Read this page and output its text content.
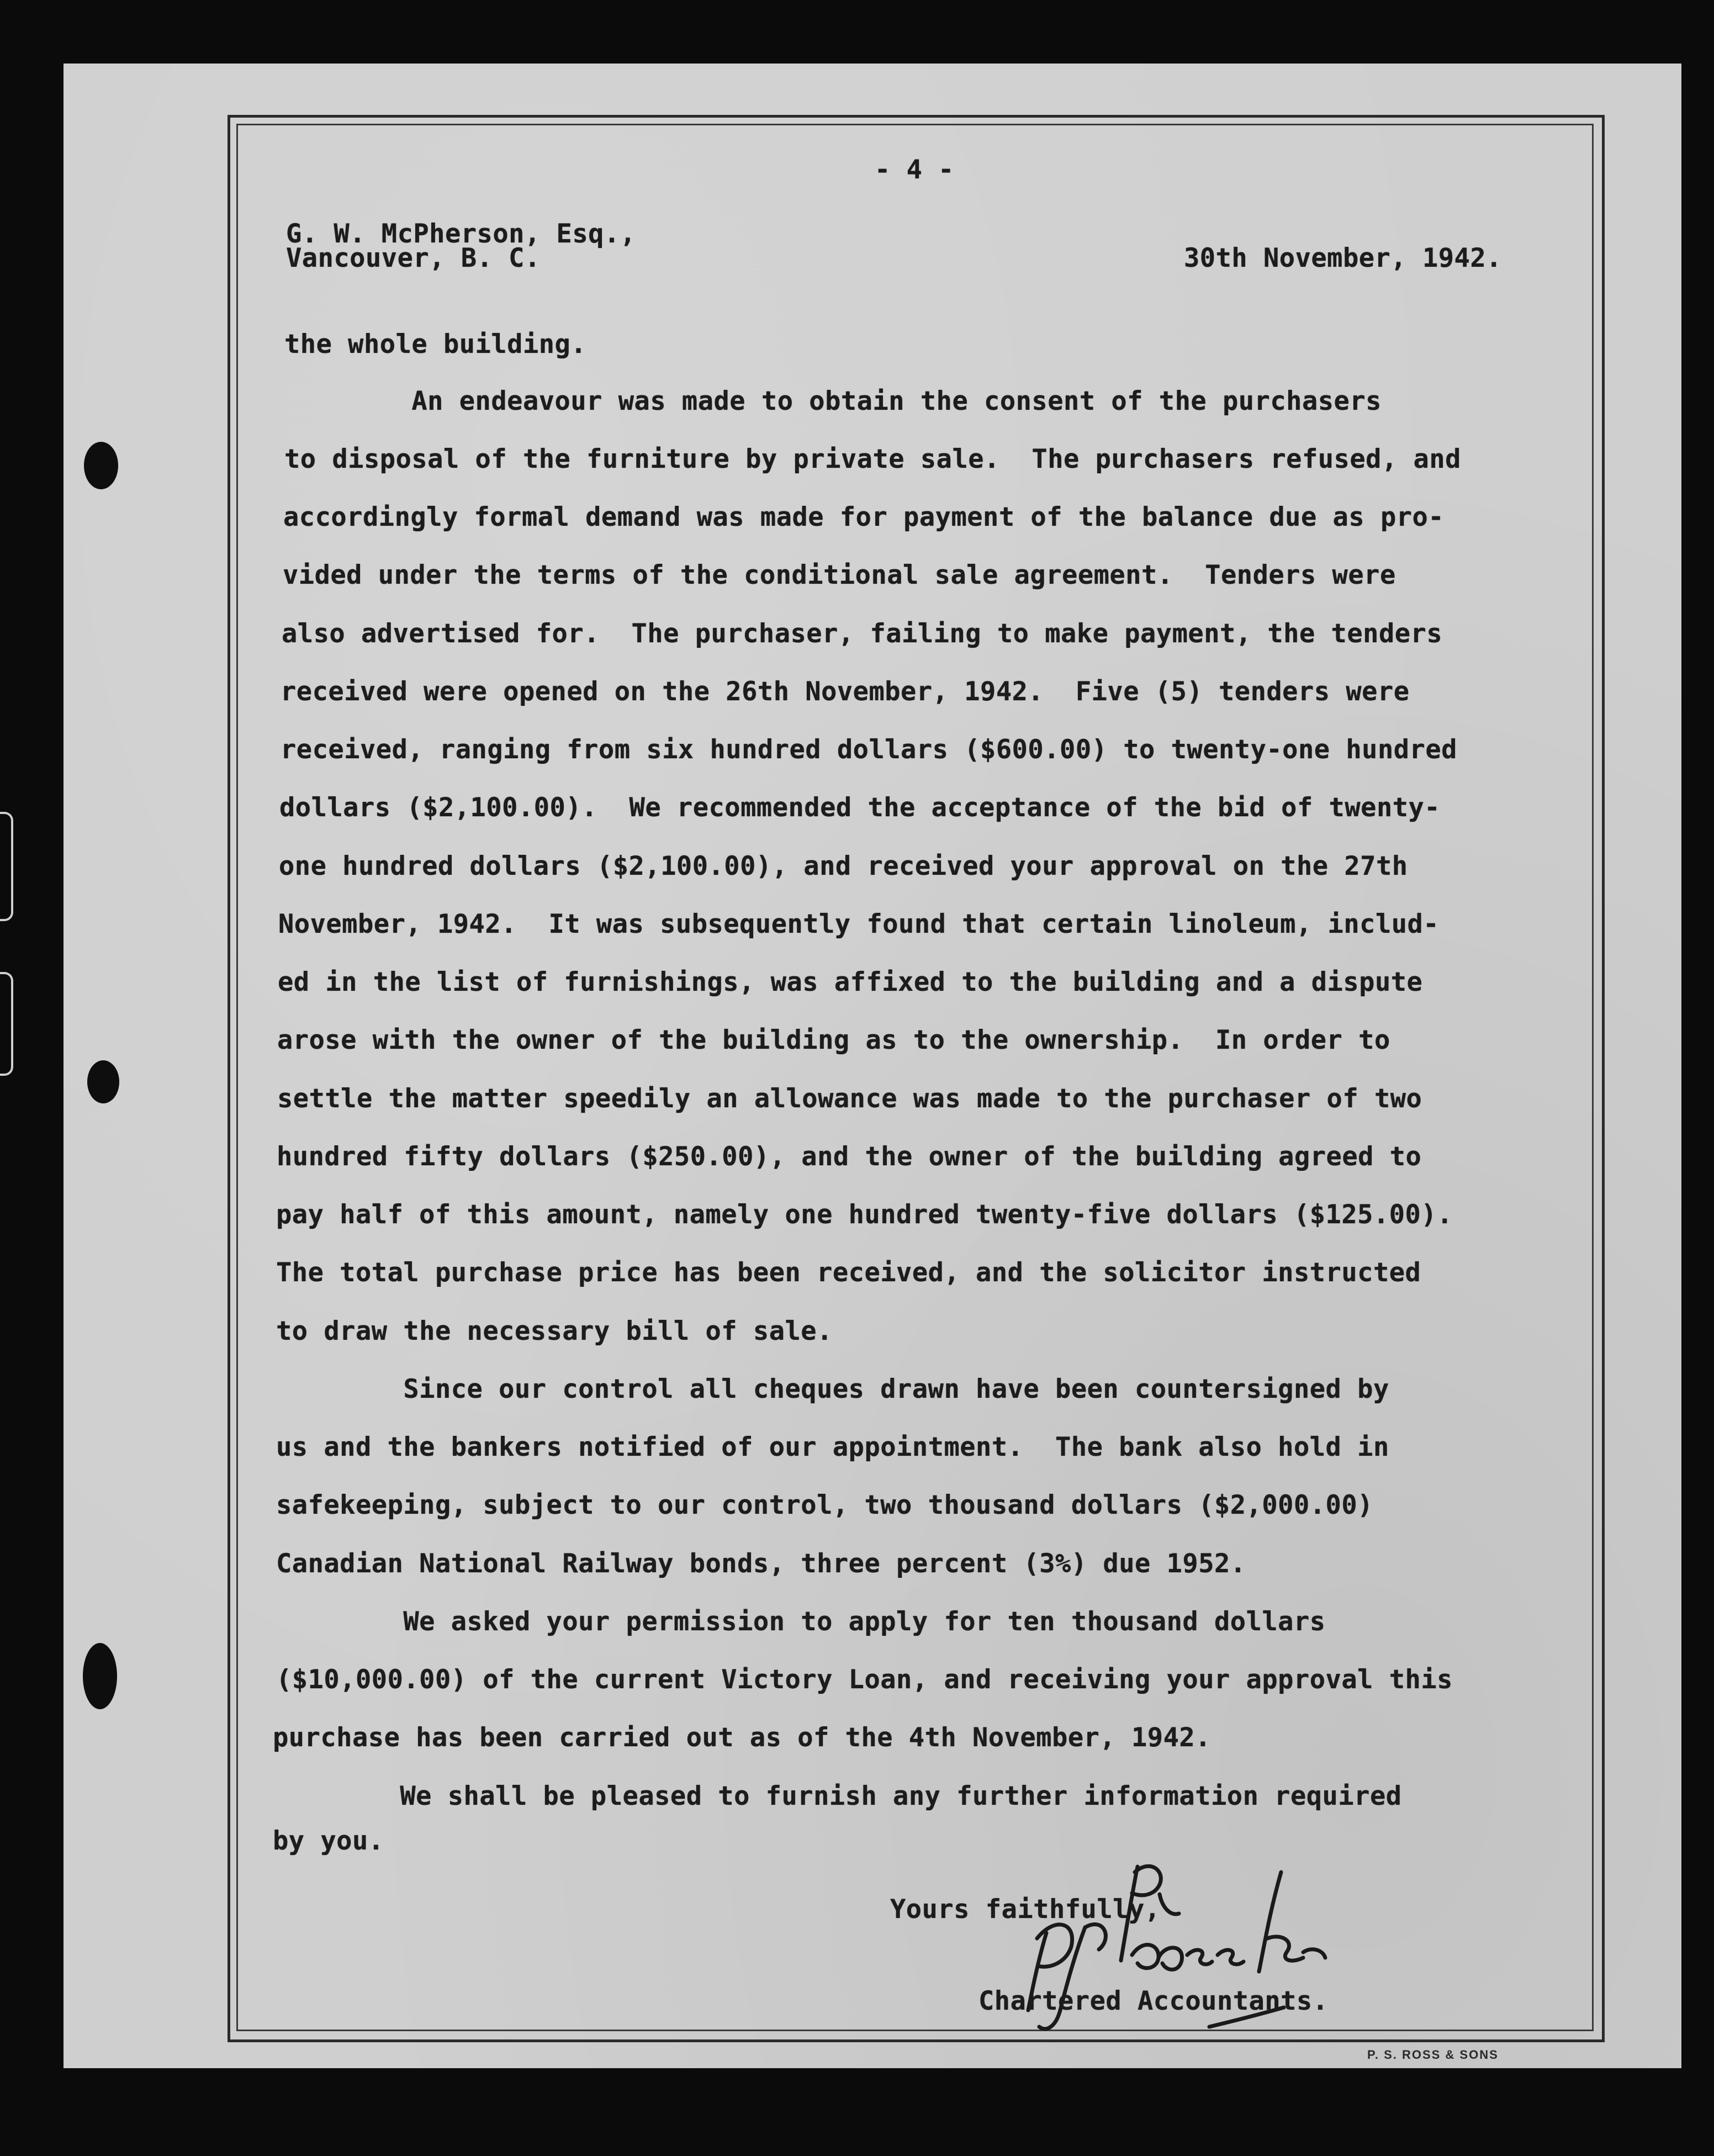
- 4 -
G. W. McPherson, Esq.,
Vancouver, B. C.	30th November, 1942.
the whole building.
An endeavour was made to obtain the consent of the purchasers
to disposal of the furniture by private sale.  The purchasers refused, and
accordingly formal demand was made for payment of the balance due as pro-
vided under the terms of the conditional sale agreement.  Tenders were
also advertised for.  The purchaser, failing to make payment, the tenders
received were opened on the 26th November, 1942.  Five (5) tenders were
received, ranging from six hundred dollars ($600.00) to twenty-one hundred
dollars ($2,100.00).  We recommended the acceptance of the bid of twenty-
one hundred dollars ($2,100.00), and received your approval on the 27th
November, 1942.  It was subsequently found that certain linoleum, includ-
ed in the list of furnishings, was affixed to the building and a dispute
arose with the owner of the building as to the ownership.  In order to
settle the matter speedily an allowance was made to the purchaser of two
hundred fifty dollars ($250.00), and the owner of the building agreed to
pay half of this amount, namely one hundred twenty-five dollars ($125.00).
The total purchase price has been received, and the solicitor instructed
to draw the necessary bill of sale.
Since our control all cheques drawn have been countersigned by
us and the bankers notified of our appointment.  The bank also hold in
safekeeping, subject to our control, two thousand dollars ($2,000.00)
Canadian National Railway bonds, three percent (3%) due 1952.
We asked your permission to apply for ten thousand dollars
($10,000.00) of the current Victory Loan, and receiving your approval this
purchase has been carried out as of the 4th November, 1942.
We shall be pleased to furnish any further information required
by you.
Yours faithfully,
Chartered Accountants.
P. S. ROSS & SONS
